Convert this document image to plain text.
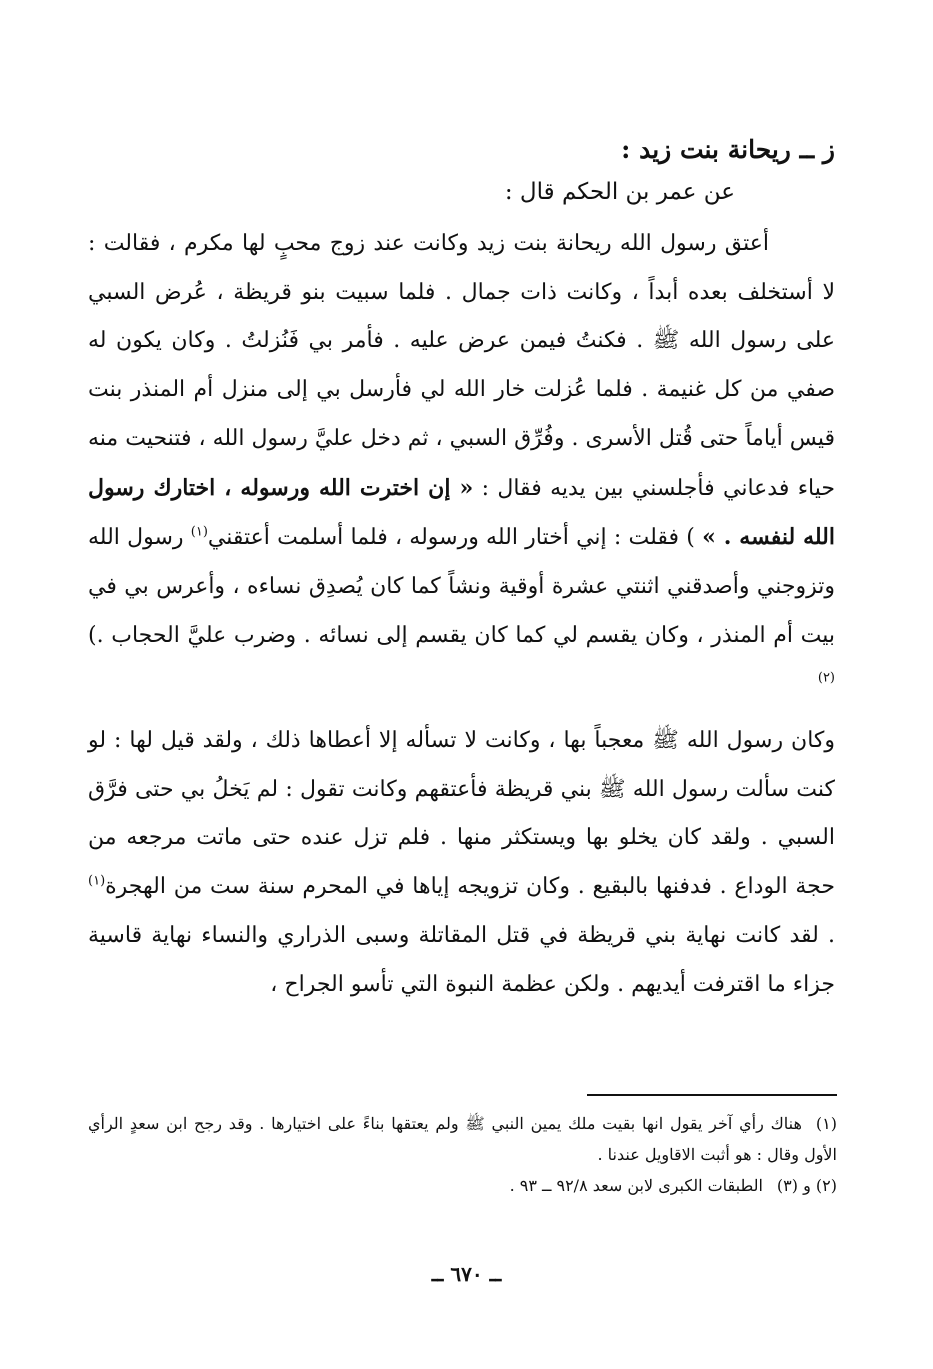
ز ــ ريحانة بنت زيد :

عن عمر بن الحكم قال :

أعتق رسول الله ريحانة بنت زيد وكانت عند زوج محبٍ لها مكرم ، فقالت : لا أستخلف بعده أبداً ، وكانت ذات جمال . فلما سبيت بنو قريظة ، عُرض السبي على رسول الله ﷺ . فكنتُ فيمن عرض عليه . فأمر بي فَنُزلتُ . وكان يكون له صفي من كل غنيمة . فلما عُزلت خار الله لي فأرسل بي إلى منزل أم المنذر بنت قيس أياماً حتى قُتل الأسرى . وفُرِّق السبي ، ثم دخل عليَّ رسول الله ، فتنحيت منه حياء فدعاني فأجلسني بين يديه فقال : « إن اخترت الله ورسوله ، اختارك رسول الله لنفسه . » ) فقلت : إني أختار الله ورسوله ، فلما أسلمت أعتقني$^{(١)}$ رسول الله وتزوجني وأصدقني اثنتي عشرة أوقية ونشاً كما كان يُصدِق نساءه ، وأعرس بي في بيت أم المنذر ، وكان يقسم لي كما كان يقسم إلى نسائه . وضرب عليَّ الحجاب .)$^{(٢)}$

وكان رسول الله ﷺ معجباً بها ، وكانت لا تسأله إلا أعطاها ذلك ، ولقد قيل لها : لو كنت سألت رسول الله ﷺ بني قريظة فأعتقهم وكانت تقول : لم يَخلُ بي حتى فرَّق السبي . ولقد كان يخلو بها ويستكثر منها . فلم تزل عنده حتى ماتت مرجعه من حجة الوداع . فدفنها بالبقيع . وكان تزويجه إياها في المحرم سنة ست من الهجرة$^{(١)}$ . لقد كانت نهاية بني قريظة في قتل المقاتلة وسبى الذراري والنساء نهاية قاسية جزاء ما اقترفت أيديهم . ولكن عظمة النبوة التي تأسو الجراح ،

(١)هناك رأي آخر يقول انها بقيت ملك يمين النبي ﷺ ولم يعتقها بناءً على اختيارها . وقد رجح ابن سعدٍ الرأي الأول وقال : هو أثبت الاقاويل عندنا .

(٢) و (٣)الطبقات الكبرى لابن سعد ٩٢/٨ ــ ٩٣ .

ــ ٦٧٠ ــ
